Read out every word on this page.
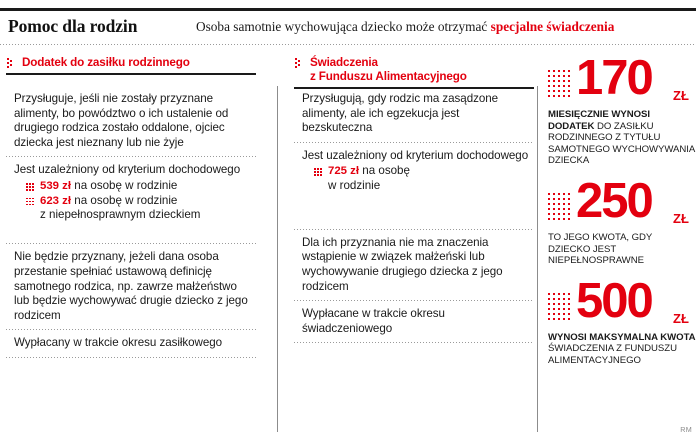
Pomoc dla rodzin	Osoba samotnie wychowująca dziecko może otrzymać specjalne świadczenia
Dodatek do zasiłku rodzinnego

Przysługuje, jeśli nie zostały przyznane alimenty, bo powództwo o ich ustalenie od drugiego rodzica zostało oddalone, ojciec dziecka jest nieznany lub nie żyje

Jest uzależniony od kryterium dochodowego

539 zł na osobę w rodzinie
623 zł na osobę w rodzinie
z niepełnosprawnym dzieckiem

Nie będzie przyznany, jeżeli dana osoba przestanie spełniać ustawową definicję samotnego rodzica, np. zawrze małżeństwo lub będzie wychowywać drugie dziecko z jego rodzicem

Wypłacany w trakcie okresu zasiłkowego

Świadczenia
z Funduszu Alimentacyjnego

Przysługują, gdy rodzic ma zasądzone alimenty, ale ich egzekucja jest bezskuteczna

Jest uzależniony od kryterium dochodowego

725 zł na osobę
w rodzinie

Dla ich przyznania nie ma znaczenia wstąpienie w związek małżeński lub wychowywanie drugiego dziecka z jego rodzicem

Wypłacane w trakcie okresu świadczeniowego

170 ZŁ
MIESIĘCZNIE WYNOSI DODATEK DO ZASIŁKU RODZINNEGO Z TYTUŁU SAMOTNEGO WYCHOWYWANIA DZIECKA
250 ZŁ
TO JEGO KWOTA, GDY DZIECKO JEST NIEPEŁNOSPRAWNE
500 ZŁ
WYNOSI MAKSYMALNA KWOTA ŚWIADCZENIA Z FUNDUSZU ALIMENTACYJNEGO
RM
